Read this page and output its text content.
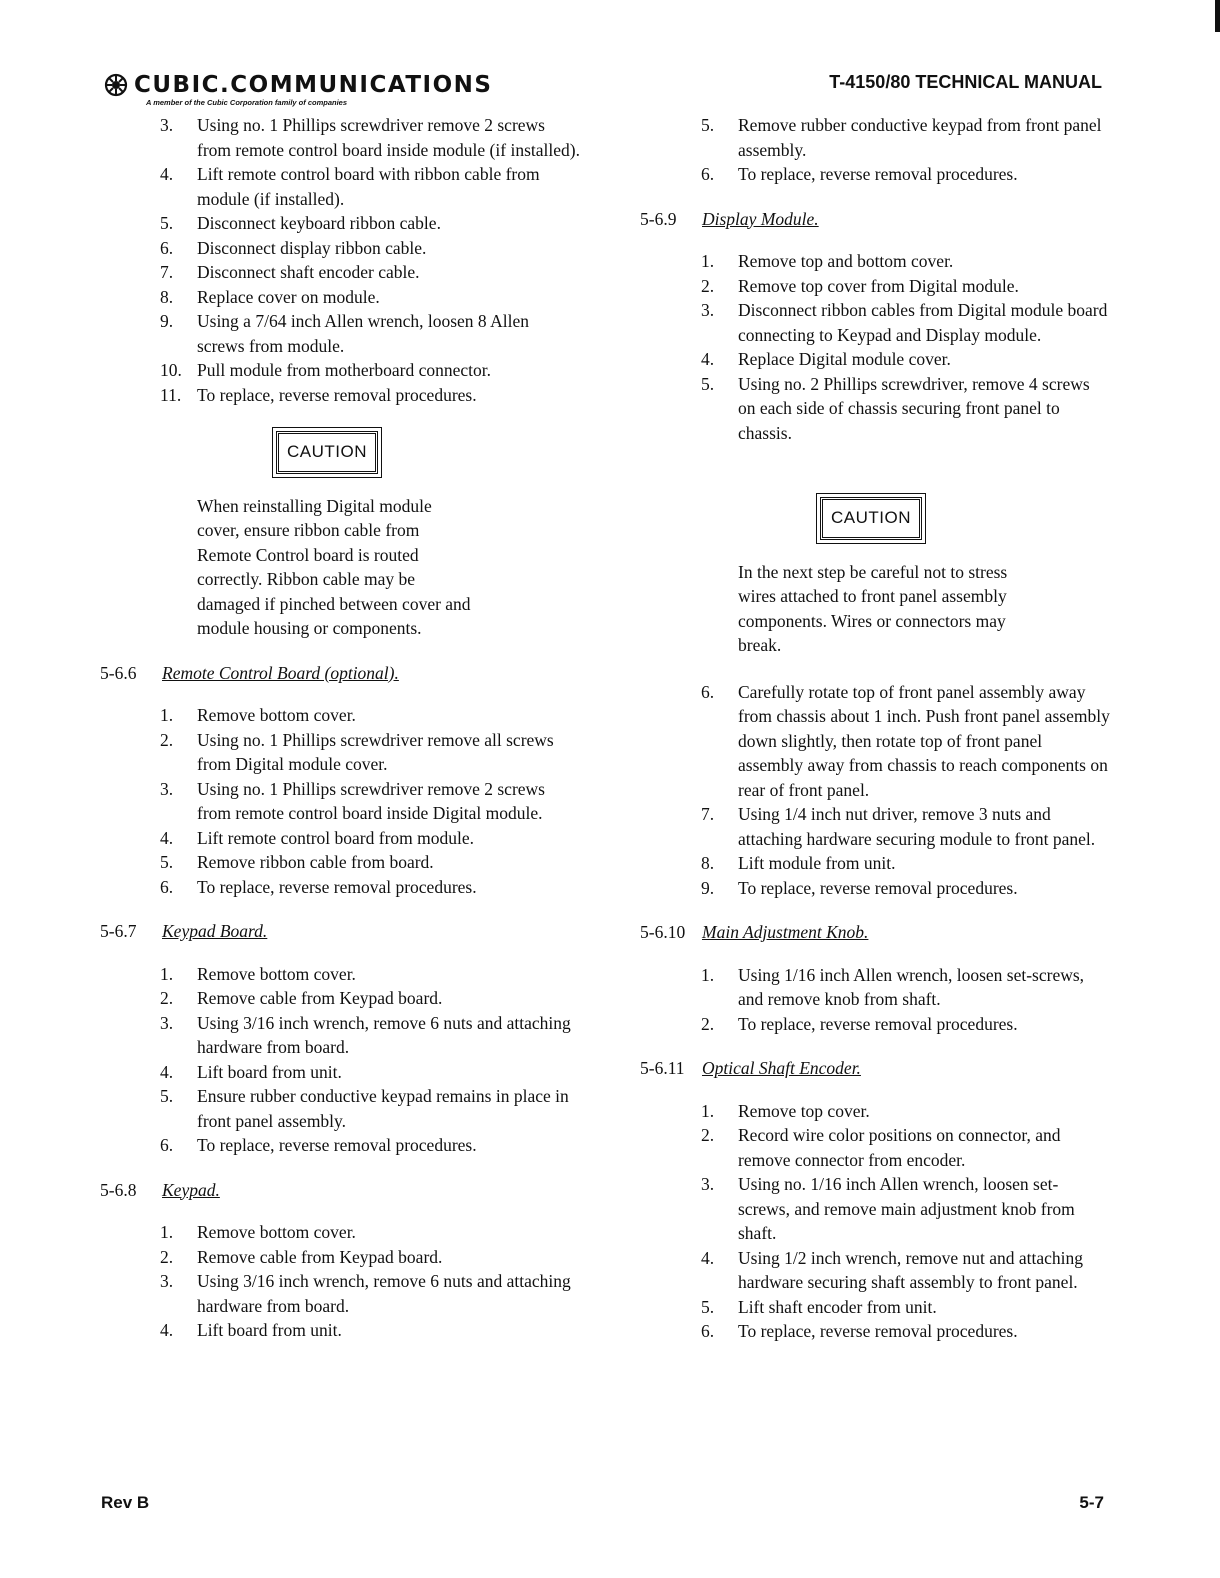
CUBIC.COMMUNICATIONS
A member of the Cubic Corporation family of companies
T-4150/80 TECHNICAL MANUAL
3. Using no. 1 Phillips screwdriver remove 2 screws from remote control board inside module (if installed).
4. Lift remote control board with ribbon cable from module (if installed).
5. Disconnect keyboard ribbon cable.
6. Disconnect display ribbon cable.
7. Disconnect shaft encoder cable.
8. Replace cover on module.
9. Using a 7/64 inch Allen wrench, loosen 8 Allen screws from module.
10. Pull module from motherboard connector.
11. To replace, reverse removal procedures.
CAUTION
When reinstalling Digital module cover, ensure ribbon cable from Remote Control board is routed correctly. Ribbon cable may be damaged if pinched between cover and module housing or components.
5-6.6	Remote Control Board (optional).
1. Remove bottom cover.
2. Using no. 1 Phillips screwdriver remove all screws from Digital module cover.
3. Using no. 1 Phillips screwdriver remove 2 screws from remote control board inside Digital module.
4. Lift remote control board from module.
5. Remove ribbon cable from board.
6. To replace, reverse removal procedures.
5-6.7	Keypad Board.
1. Remove bottom cover.
2. Remove cable from Keypad board.
3. Using 3/16 inch wrench, remove 6 nuts and attaching hardware from board.
4. Lift board from unit.
5. Ensure rubber conductive keypad remains in place in front panel assembly.
6. To replace, reverse removal procedures.
5-6.8	Keypad.
1. Remove bottom cover.
2. Remove cable from Keypad board.
3. Using 3/16 inch wrench, remove 6 nuts and attaching hardware from board.
4. Lift board from unit.
5. Remove rubber conductive keypad from front panel assembly.
6. To replace, reverse removal procedures.
5-6.9	Display Module.
1. Remove top and bottom cover.
2. Remove top cover from Digital module.
3. Disconnect ribbon cables from Digital module board connecting to Keypad and Display module.
4. Replace Digital module cover.
5. Using no. 2 Phillips screwdriver, remove 4 screws on each side of chassis securing front panel to chassis.
CAUTION
In the next step be careful not to stress wires attached to front panel assembly components. Wires or connectors may break.
6. Carefully rotate top of front panel assembly away from chassis about 1 inch. Push front panel assembly down slightly, then rotate top of front panel assembly away from chassis to reach components on rear of front panel.
7. Using 1/4 inch nut driver, remove 3 nuts and attaching hardware securing module to front panel.
8. Lift module from unit.
9. To replace, reverse removal procedures.
5-6.10 Main Adjustment Knob.
1. Using 1/16 inch Allen wrench, loosen set-screws, and remove knob from shaft.
2. To replace, reverse removal procedures.
5-6.11 Optical Shaft Encoder.
1. Remove top cover.
2. Record wire color positions on connector, and remove connector from encoder.
3. Using no. 1/16 inch Allen wrench, loosen set-screws, and remove main adjustment knob from shaft.
4. Using 1/2 inch wrench, remove nut and attaching hardware securing shaft assembly to front panel.
5. Lift shaft encoder from unit.
6. To replace, reverse removal procedures.
Rev B	5-7
